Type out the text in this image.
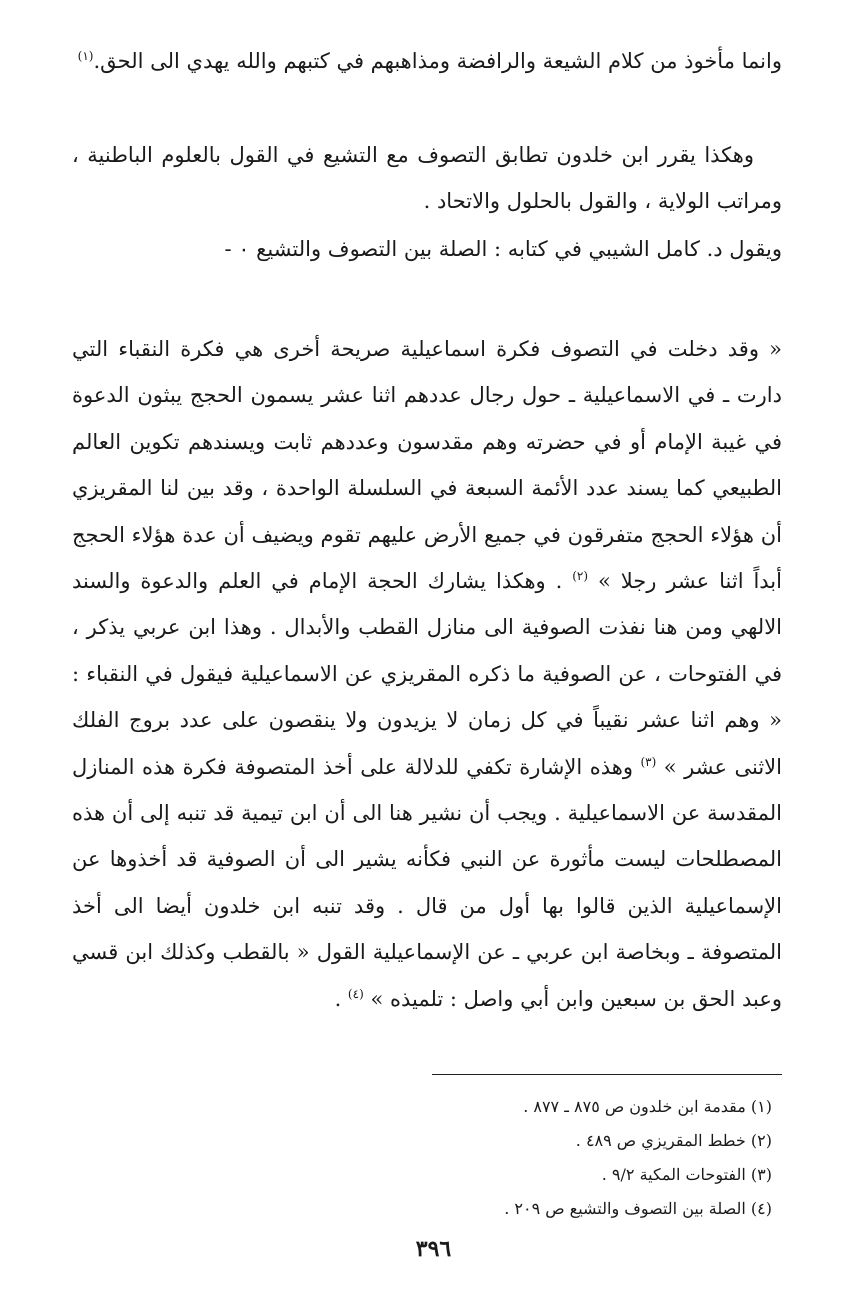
وانما مأخوذ من كلام الشيعة والرافضة ومذاهبهم في كتبهم والله يهدي الى الحق.$^{(١)}$

وهكذا يقرر ابن خلدون تطابق التصوف مع التشيع في القول بالعلوم الباطنية ، ومراتب الولاية ، والقول بالحلول والاتحاد .

ويقول د. كامل الشيبي في كتابه : الصلة بين التصوف والتشيع ٠ -

« وقد دخلت في التصوف فكرة اسماعيلية صريحة أخرى هي فكرة النقباء التي دارت ـ في الاسماعيلية ـ حول رجال عددهم اثنا عشر يسمون الحجج يبثون الدعوة في غيبة الإمام أو في حضرته وهم مقدسون وعددهم ثابت ويسندهم تكوين العالم الطبيعي كما يسند عدد الأئمة السبعة في السلسلة الواحدة ، وقد بين لنا المقريزي أن هؤلاء الحجج متفرقون في جميع الأرض عليهم تقوم ويضيف أن عدة هؤلاء الحجج أبداً اثنا عشر رجلا » $^{(٢)}$ . وهكذا يشارك الحجة الإمام في العلم والدعوة والسند الالهي ومن هنا نفذت الصوفية الى منازل القطب والأبدال . وهذا ابن عربي يذكر ، في الفتوحات ، عن الصوفية ما ذكره المقريزي عن الاسماعيلية فيقول في النقباء : « وهم اثنا عشر نقيباً في كل زمان لا يزيدون ولا ينقصون على عدد بروج الفلك الاثنى عشر » $^{(٣)}$ وهذه الإشارة تكفي للدلالة على أخذ المتصوفة فكرة هذه المنازل المقدسة عن الاسماعيلية . ويجب أن نشير هنا الى أن ابن تيمية قد تنبه إلى أن هذه المصطلحات ليست مأثورة عن النبي فكأنه يشير الى أن الصوفية قد أخذوها عن الإسماعيلية الذين قالوا بها أول من قال . وقد تنبه ابن خلدون أيضا الى أخذ المتصوفة ـ وبخاصة ابن عربي ـ عن الإسماعيلية القول « بالقطب وكذلك ابن قسي وعبد الحق بن سبعين وابن أبي واصل : تلميذه » $^{(٤)}$ .

(١) مقدمة ابن خلدون ص ٨٧٥ ـ ٨٧٧ .

(٢) خطط المقريزي ص ٤٨٩ .

(٣) الفتوحات المكية ٩/٢ .

(٤) الصلة بين التصوف والتشيع ص ٢٠٩ .

٣٩٦
